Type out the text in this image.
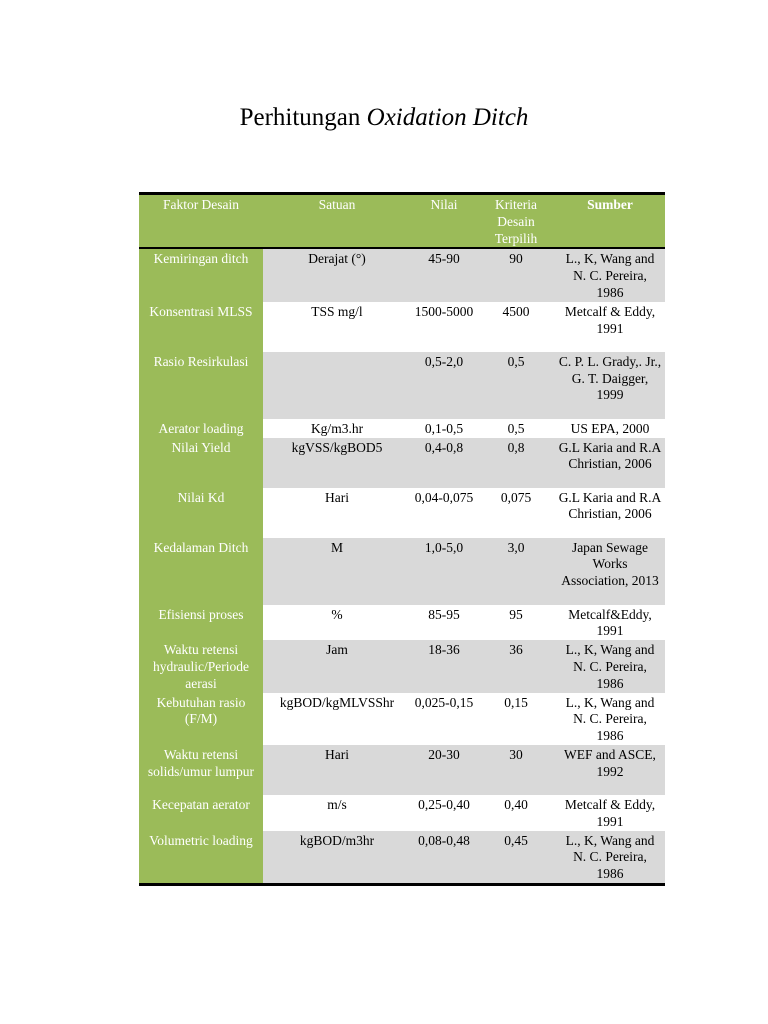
Perhitungan Oxidation Ditch
Faktor Desain	Satuan	Nilai	Kriteria Desain Terpilih	Sumber
Kemiringan ditch	Derajat (°)	45-90	90	L., K, Wang and N. C. Pereira, 1986
Konsentrasi MLSS	TSS mg/l	1500-5000	4500	Metcalf & Eddy, 1991
Rasio Resirkulasi		0,5-2,0	0,5	C. P. L. Grady,. Jr., G. T. Daigger, 1999
Aerator loading	Kg/m3.hr	0,1-0,5	0,5	US EPA, 2000
Nilai Yield	kgVSS/kgBOD5	0,4-0,8	0,8	G.L Karia and R.A Christian, 2006
Nilai Kd	Hari	0,04-0,075	0,075	G.L Karia and R.A Christian, 2006
Kedalaman Ditch	M	1,0-5,0	3,0	Japan Sewage Works Association, 2013
Efisiensi proses	%	85-95	95	Metcalf&Eddy, 1991
Waktu retensi hydraulic/Periode aerasi	Jam	18-36	36	L., K, Wang and N. C. Pereira, 1986
Kebutuhan rasio (F/M)	kgBOD/kgMLVSShr	0,025-0,15	0,15	L., K, Wang and N. C. Pereira, 1986
Waktu retensi solids/umur lumpur	Hari	20-30	30	WEF and ASCE, 1992
Kecepatan aerator	m/s	0,25-0,40	0,40	Metcalf & Eddy, 1991
Volumetric loading	kgBOD/m3hr	0,08-0,48	0,45	L., K, Wang and N. C. Pereira, 1986
